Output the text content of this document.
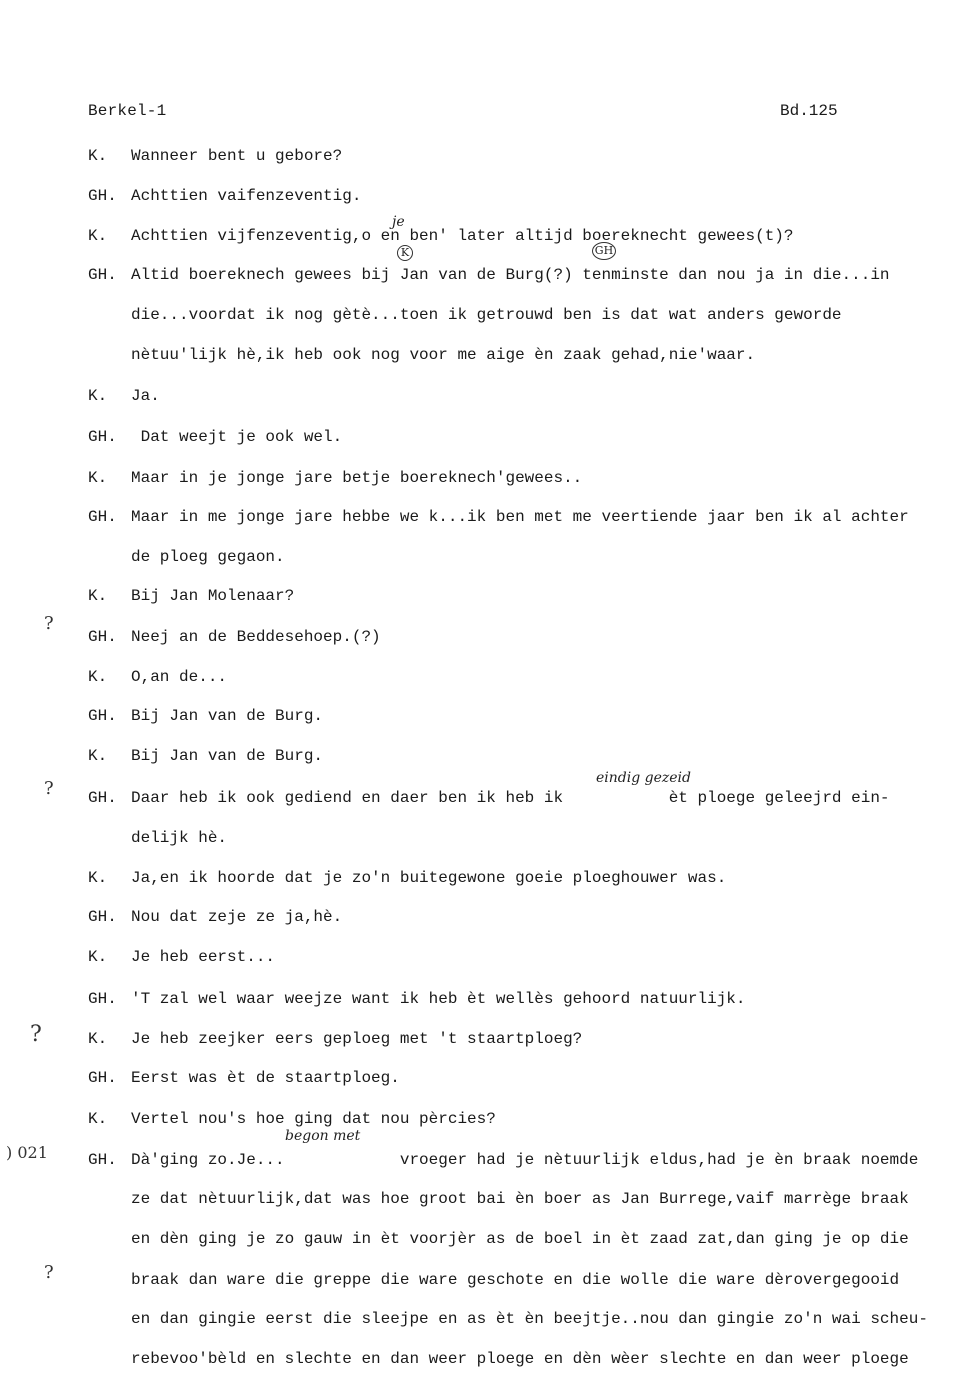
Berkel-1	Bd.125
K. Wanneer bent u gebore?
GH. Achttien vaifenzeventig.
K. Achttien vijfenzeventig,o en ben' later altijd boereknecht gewees(t)?
GH. Altid boereknech gewees bij Jan van de Burg(?) tenminste dan nou ja in die...in
die...voordat ik nog gètè...toen ik getrouwd ben is dat wat anders geworde
nètuu'lijk hè,ik heb ook nog voor me aige èn zaak gehad,nie'waar.
K. Ja.
GH. Dat weejt je ook wel.
K. Maar in je jonge jare betje boereknech'gewees..
GH. Maar in me jonge jare hebbe we k...ik ben met me veertiende jaar ben ik al achter
de ploeg gegaon.
K. Bij Jan Molenaar?
GH. Neej an de Beddesehoep.(?)
K. O,an de...
GH. Bij Jan van de Burg.
K. Bij Jan van de Burg.
GH. Daar heb ik ook gediend en daer ben ik heb ik           èt ploege geleejrd ein-
delijk hè.
K. Ja,en ik hoorde dat je zo'n buitegewone goeie ploeghouwer was.
GH. Nou dat zeje ze ja,hè.
K. Je heb eerst...
GH. 'T zal wel waar weejze want ik heb èt wellès gehoord natuurlijk.
K. Je heb zeejker eers geploeg met 't staartploeg?
GH. Eerst was èt de staartploeg.
K. Vertel nou's hoe ging dat nou pèrcies?
GH. Dà'ging zo.Je...            vroeger had je nètuurlijk eldus,had je èn braak noemde
ze dat nètuurlijk,dat was hoe groot bai èn boer as Jan Burrege,vaif marrège braak
en dèn ging je zo gauw in èt voorjèr as de boel in èt zaad zat,dan ging je op die
braak dan ware die greppe die ware geschote en die wolle die ware dèrovergegooid
en dan gingie eerst die sleejpe en as èt èn beejtje..nou dan gingie zo'n wai scheu-
rebevoo'bèld en slechte en dan weer ploege en dèn wèer slechte en dan weer ploege
je
K	GH
eindig gezeid
begon met
?
?
?
) 021
?
